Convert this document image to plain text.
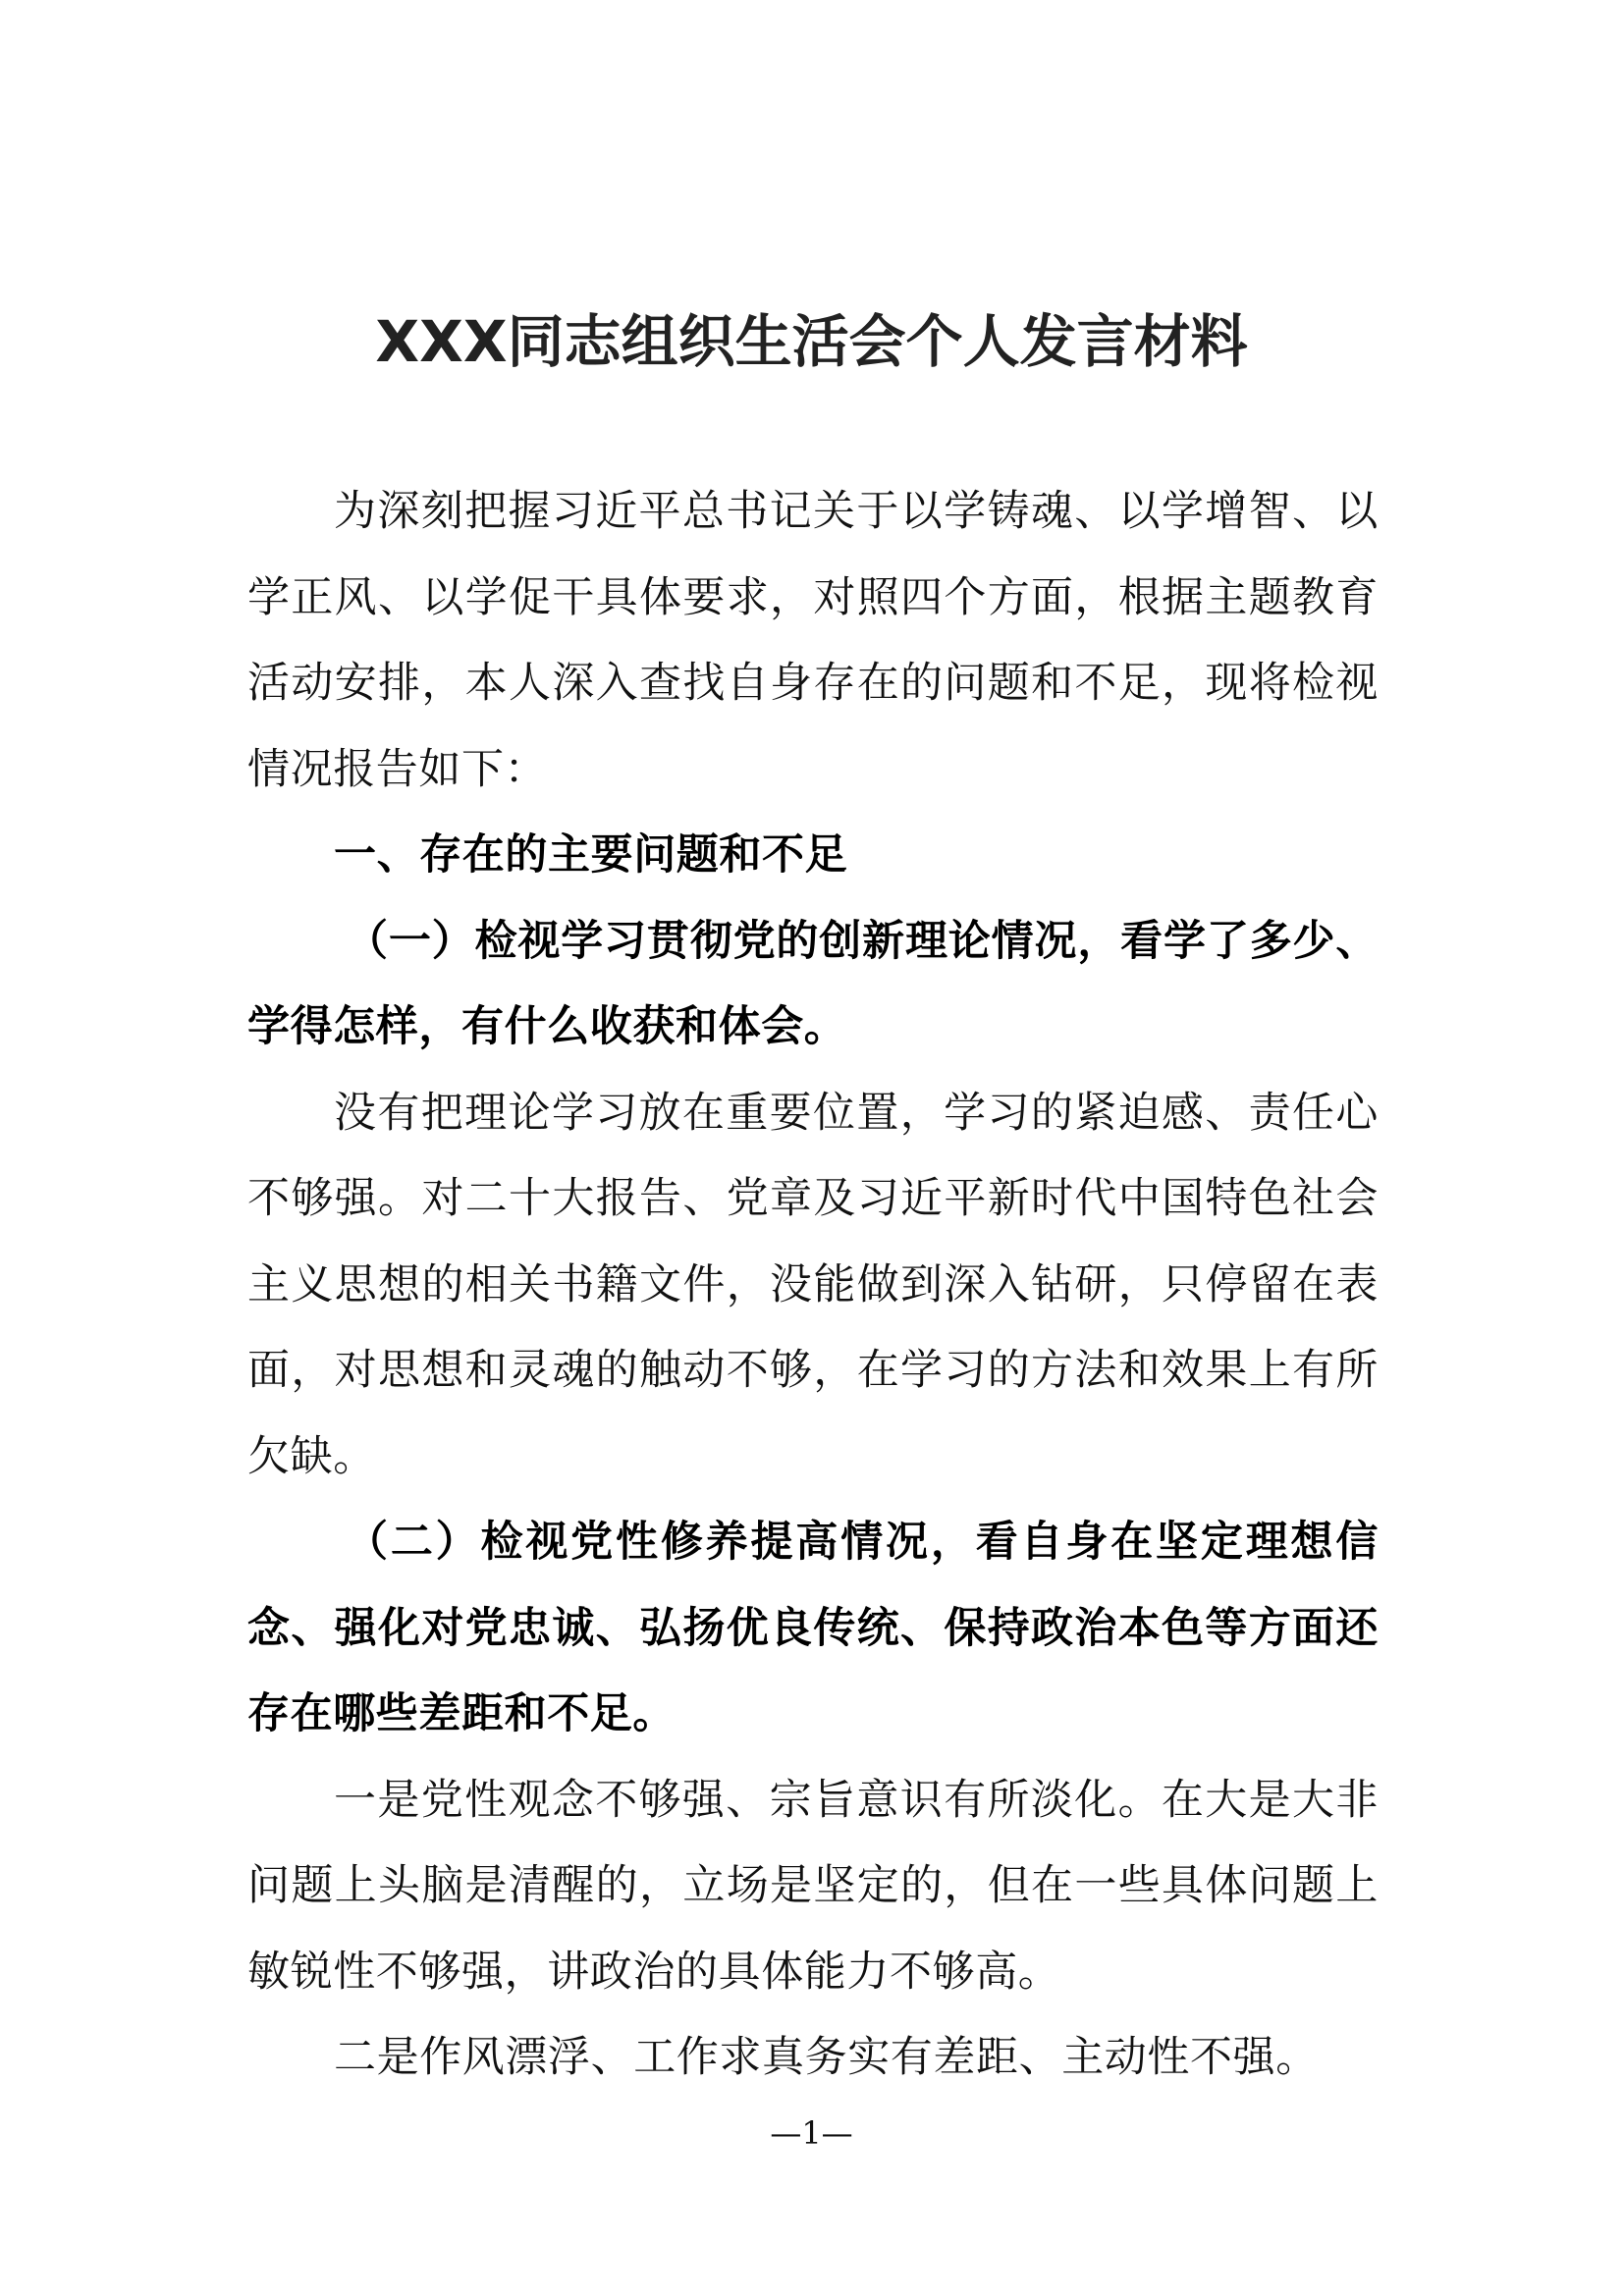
XXX同志组织生活会个人发言材料

为深刻把握习近平总书记关于以学铸魂、以学增智、以学正风、以学促干具体要求，对照四个方面，根据主题教育活动安排，本人深入查找自身存在的问题和不足，现将检视情况报告如下：

一、存在的主要问题和不足

（一）检视学习贯彻党的创新理论情况，看学了多少、学得怎样，有什么收获和体会。

没有把理论学习放在重要位置，学习的紧迫感、责任心不够强。对二十大报告、党章及习近平新时代中国特色社会主义思想的相关书籍文件，没能做到深入钻研，只停留在表面，对思想和灵魂的触动不够，在学习的方法和效果上有所欠缺。

（二）检视党性修养提高情况，看自身在坚定理想信念、强化对党忠诚、弘扬优良传统、保持政治本色等方面还存在哪些差距和不足。

一是党性观念不够强、宗旨意识有所淡化。在大是大非问题上头脑是清醒的，立场是坚定的，但在一些具体问题上敏锐性不够强，讲政治的具体能力不够高。

二是作风漂浮、工作求真务实有差距、主动性不强。

—1—
